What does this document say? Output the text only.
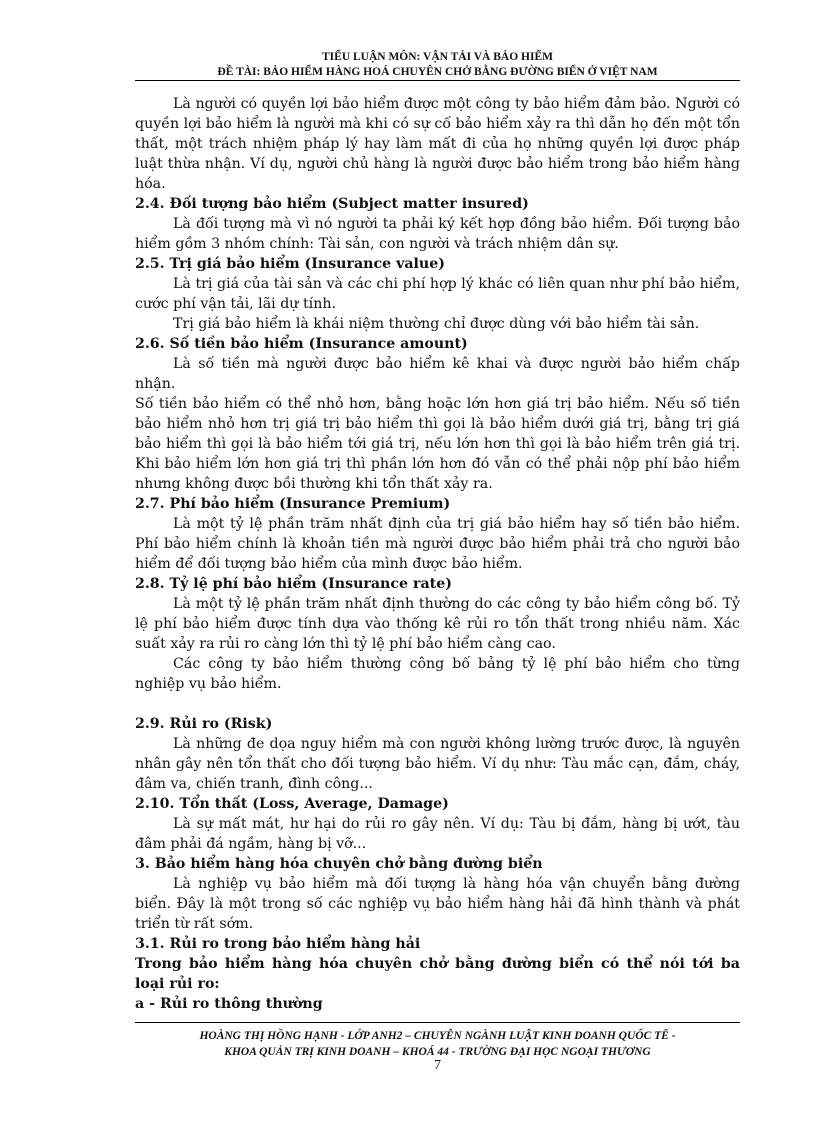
TIỂU LUẬN MÔN: VẬN TẢI VÀ BẢO HIỂM
ĐỀ TÀI: BẢO HIỂM HÀNG HOÁ CHUYÊN CHỞ BẰNG ĐƯỜNG BIỂN Ở VIỆT NAM

Là người có quyền lợi bảo hiểm được một công ty bảo hiểm đảm bảo. Người có quyền lợi bảo hiểm là người mà khi có sự cố bảo hiểm xảy ra thì dẫn họ đến một tổn thất, một trách nhiệm pháp lý hay làm mất đi của họ những quyền lợi được pháp luật thừa nhận. Ví dụ, người chủ hàng là người được bảo hiểm trong bảo hiểm hàng hóa.

2.4. Đối tượng bảo hiểm (Subject matter insured)

Là đối tượng mà vì nó người ta phải ký kết hợp đồng bảo hiểm. Đối tượng bảo hiểm gồm 3 nhóm chính: Tài sản, con người và trách nhiệm dân sự.

2.5. Trị giá bảo hiểm (Insurance value)

Là trị giá của tài sản và các chi phí hợp lý khác có liên quan như phí bảo hiểm, cước phí vận tải, lãi dự tính.

Trị giá bảo hiểm là khái niệm thường chỉ được dùng với bảo hiểm tài sản.

2.6. Số tiền bảo hiểm (Insurance amount)

Là số tiền mà người được bảo hiểm kê khai và được người bảo hiểm chấp nhận.

Số tiền bảo hiểm có thể nhỏ hơn, bằng hoặc lớn hơn giá trị bảo hiểm. Nếu số tiền bảo hiểm nhỏ hơn trị giá trị bảo hiểm thì gọi là bảo hiểm dưới giá trị, bằng trị giá bảo hiểm thì gọi là bảo hiểm tới giá trị, nếu lớn hơn thì gọi là bảo hiểm trên giá trị. Khi bảo hiểm lớn hơn giá trị thì phần lớn hơn đó vẫn có thể phải nộp phí bảo hiểm nhưng không được bồi thường khi tổn thất xảy ra.

2.7. Phí bảo hiểm (Insurance Premium)

Là một tỷ lệ phần trăm nhất định của trị giá bảo hiểm hay số tiền bảo hiểm. Phí bảo hiểm chính là khoản tiền mà người được bảo hiểm phải trả cho người bảo hiểm để đối tượng bảo hiểm của mình được bảo hiểm.

2.8. Tỷ lệ phí bảo hiểm (Insurance rate)

Là một tỷ lệ phần trăm nhất định thường do các công ty bảo hiểm công bố. Tỷ lệ phí bảo hiểm được tính dựa vào thống kê rủi ro tổn thất trong nhiều năm. Xác suất xảy ra rủi ro càng lớn thì tỷ lệ phí bảo hiểm càng cao.

Các công ty bảo hiểm thường công bố bảng tỷ lệ phí bảo hiểm cho từng nghiệp vụ bảo hiểm.

2.9. Rủi ro (Risk)

Là những đe dọa nguy hiểm mà con người không lường trước được, là nguyên nhân gây nên tổn thất cho đối tượng bảo hiểm. Ví dụ như: Tàu mắc cạn, đắm, cháy, đâm va, chiến tranh, đình công...

2.10. Tổn thất (Loss, Average, Damage)

Là sự mất mát, hư hại do rủi ro gây nên. Ví dụ: Tàu bị đắm, hàng bị ướt, tàu đâm phải đá ngầm, hàng bị vỡ...

3. Bảo hiểm hàng hóa chuyên chở bằng đường biển

Là nghiệp vụ bảo hiểm mà đối tượng là hàng hóa vận chuyển bằng đường biển. Đây là một trong số các nghiệp vụ bảo hiểm hàng hải đã hình thành và phát triển từ rất sớm.

3.1. Rủi ro trong bảo hiểm hàng hải

Trong bảo hiểm hàng hóa chuyên chở bằng đường biển có thể nói tới ba loại rủi ro:

a - Rủi ro thông thường

HOÀNG THỊ HỒNG HẠNH - LỚP ANH2 – CHUYÊN NGÀNH LUẬT KINH DOANH QUỐC TẾ -
KHOA QUẢN TRỊ KINH DOANH – KHOÁ 44 - TRƯỜNG ĐẠI HỌC NGOẠI THƯƠNG
7
